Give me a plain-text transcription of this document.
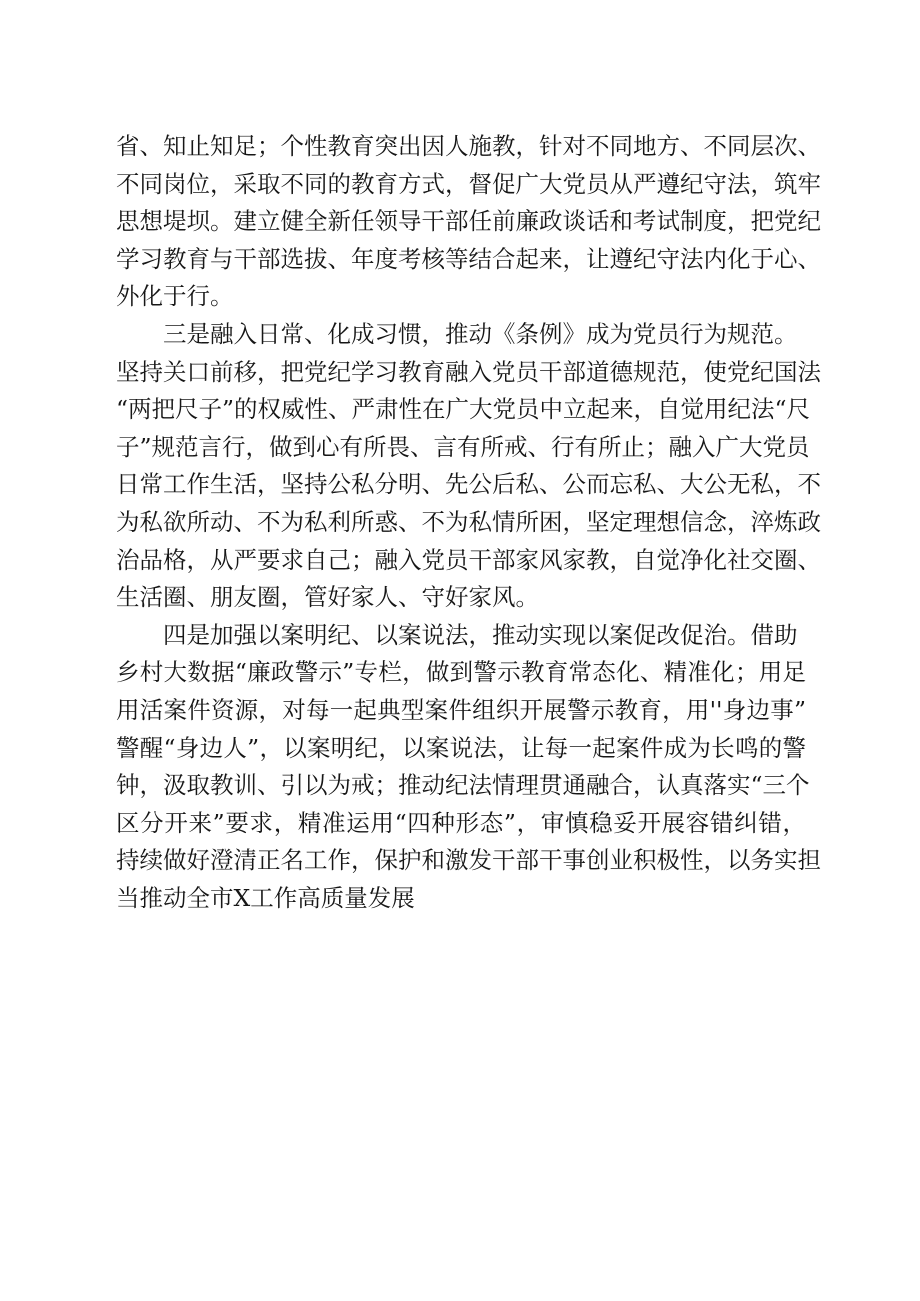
省、知止知足；个性教育突出因人施教，针对不同地方、不同层次、
不同岗位，采取不同的教育方式，督促广大党员从严遵纪守法，筑牢
思想堤坝。建立健全新任领导干部任前廉政谈话和考试制度，把党纪
学习教育与干部选拔、年度考核等结合起来，让遵纪守法内化于心、
外化于行。
三是融入日常、化成习惯，推动《条例》成为党员行为规范。
坚持关口前移，把党纪学习教育融入党员干部道德规范，使党纪国法
“两把尺子”的权威性、严肃性在广大党员中立起来，自觉用纪法“尺
子”规范言行，做到心有所畏、言有所戒、行有所止；融入广大党员
日常工作生活，坚持公私分明、先公后私、公而忘私、大公无私，不
为私欲所动、不为私利所惑、不为私情所困，坚定理想信念，淬炼政
治品格，从严要求自己；融入党员干部家风家教，自觉净化社交圈、
生活圈、朋友圈，管好家人、守好家风。
四是加强以案明纪、以案说法，推动实现以案促改促治。借助
乡村大数据“廉政警示”专栏，做到警示教育常态化、精准化；用足
用活案件资源，对每一起典型案件组织开展警示教育，用''身边事”
警醒“身边人”，以案明纪，以案说法，让每一起案件成为长鸣的警
钟，汲取教训、引以为戒；推动纪法情理贯通融合，认真落实“三个
区分开来”要求，精准运用“四种形态”，审慎稳妥开展容错纠错，
持续做好澄清正名工作，保护和激发干部干事创业积极性，以务实担
当推动全市X工作高质量发展
